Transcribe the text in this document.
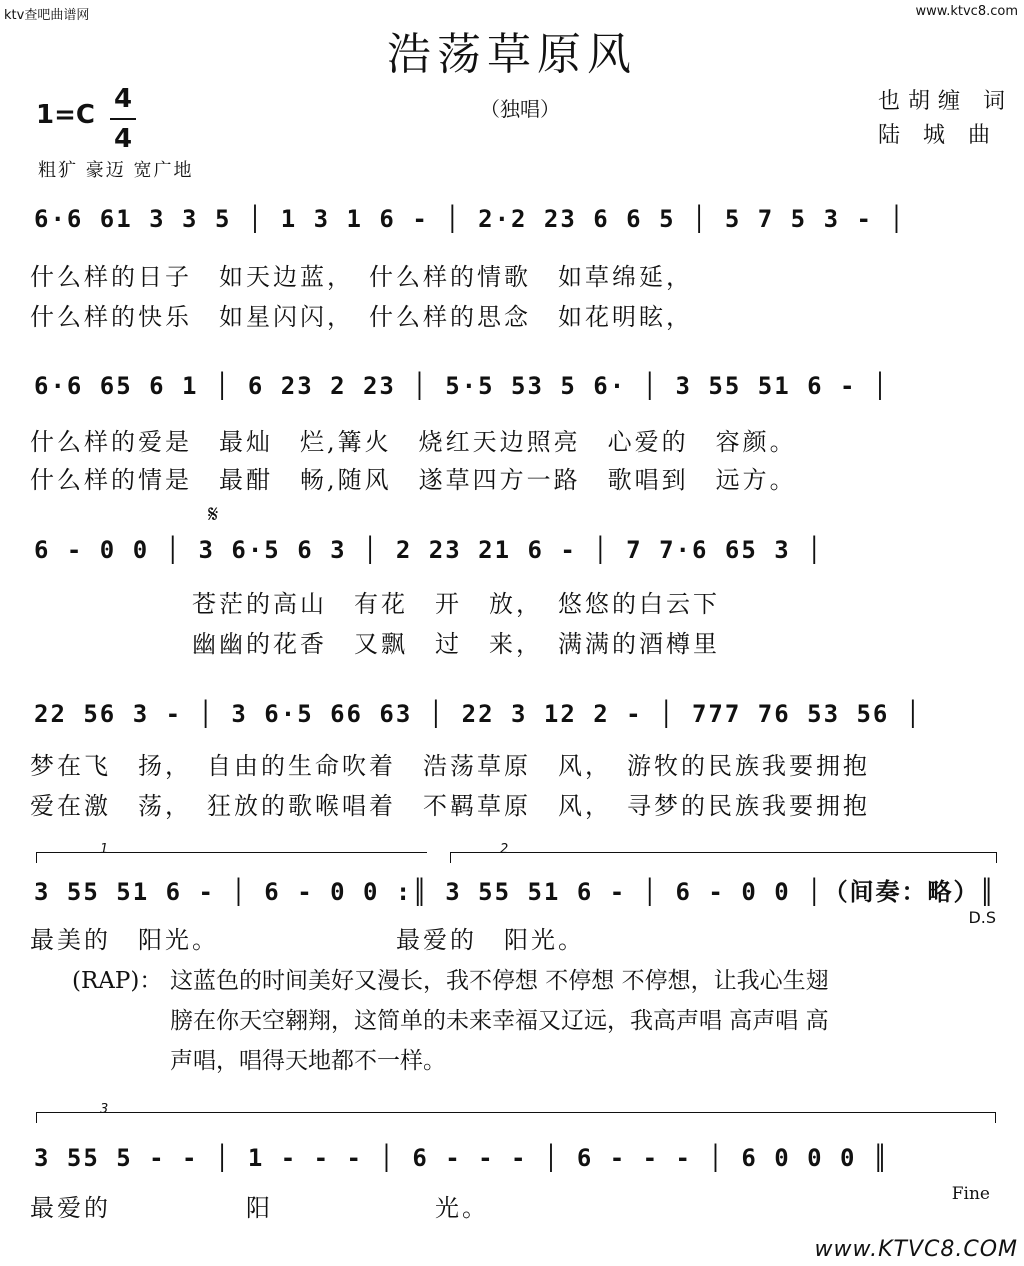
ktv查吧曲谱网	www.ktvc8.com
浩荡草原风
1=C
4
4
（独唱）	也胡缠 词
陆 城 曲
粗犷 豪迈 宽广地
6·6 61 3 3 5 │ 1 3 1 6 - │ 2·2 23 6 6 5 │ 5 7 5 3 - │
什么样的日子　如天边蓝，　什么样的情歌　如草绵延，
什么样的快乐　如星闪闪，　什么样的思念　如花明眩，
6·6 65 6 1 │ 6 23 2 23 │ 5·5 53 5 6· │ 3 55 51 6 - │
什么样的爱是　最灿　烂,篝火　烧红天边照亮　心爱的　容颜。
什么样的情是　最酣　畅,随风　遂草四方一路　歌唱到　远方。
𝄋
6 - 0 0 │ 3 6·5 6 3 │ 2 23 21 6 - │ 7 7·6 65 3 │
　　　　　　苍茫的高山　有花　开　放，　悠悠的白云下
　　　　　　幽幽的花香　又飘　过　来，　满满的酒樽里
22 56 3 - │ 3 6·5 66 63 │ 22 3 12 2 - │ 777 76 53 56 │
梦在飞　扬，　自由的生命吹着　浩荡草原　风，　游牧的民族我要拥抱
爱在激　荡，　狂放的歌喉唱着　不羁草原　风，　寻梦的民族我要拥抱
1	2
3 55 51 6 - │ 6 - 0 0 :║ 3 55 51 6 - │ 6 - 0 0 │（间奏：略）║
D.S
最美的　阳光。　　　　　　　最爱的　阳光。
(RAP)： 这蓝色的时间美好又漫长，我不停想 不停想 不停想，让我心生翅
膀在你天空翱翔，这简单的未来幸福又辽远，我高声唱 高声唱 高
声唱，唱得天地都不一样。
3
3 55 5 - - │ 1 - - - │ 6 - - - │ 6 - - - │ 6 0 0 0 ║
Fine
最爱的　　　　　阳　　　　　　光。
www.KTVC8.COM
